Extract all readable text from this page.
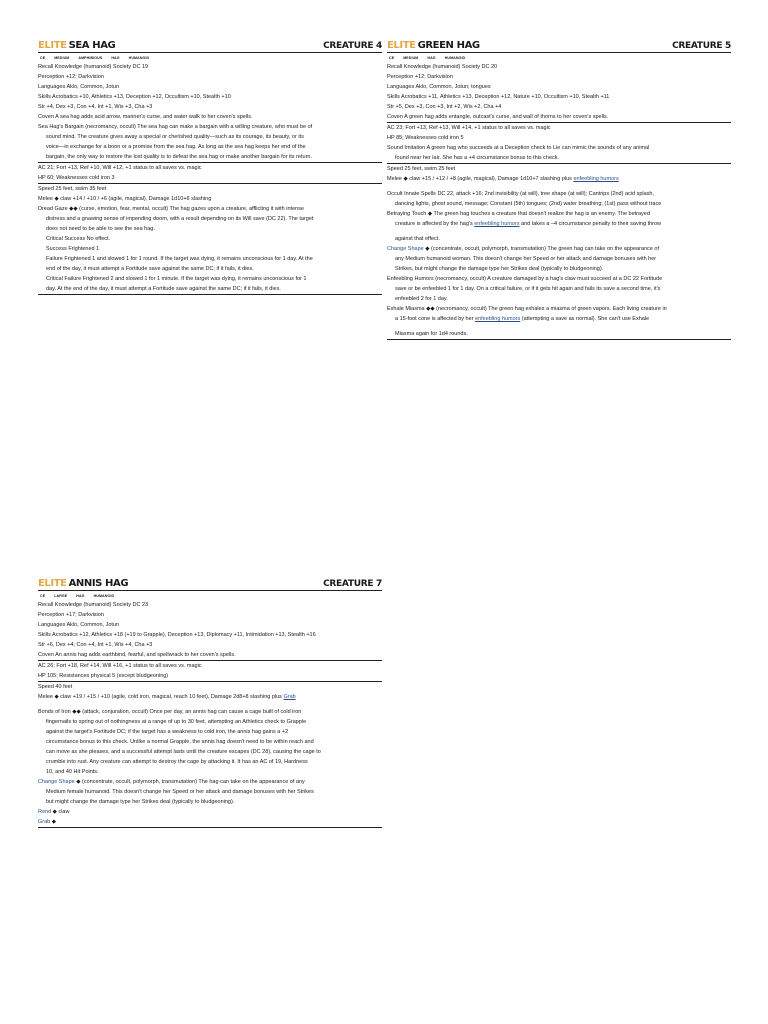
ELITE SEA HAG	CREATURE 4
CE	MEDIUM	AMPHIBIOUS	HAG	HUMANOID
Recall Knowledge (humanoid) Society DC 19
Perception +12; Darkvision
Languages Aklo, Common, Jotun
Skills Acrobatics +10, Athletics +13, Deception +12, Occultism +10, Stealth +10
Str +4, Dex +3, Con +4, Int +1, Wis +3, Cha +3
Coven A sea hag adds acid arrow, mariner's curse, and water walk to her coven's spells.
Sea Hag's Bargain (necromancy, occult) The sea hag can make a bargain with a willing creature, who must be of
sound mind. The creature gives away a special or cherished quality—such as its courage, its beauty, or its
voice—in exchange for a boon or a promise from the sea hag. As long as the sea hag keeps her end of the
bargain, the only way to restore the lost quality is to defeat the sea hag or make another bargain for its return.
AC 21; Fort +13, Ref +10, Will +12, +1 status to all saves vs. magic
HP 60; Weaknesses cold iron 3
Speed 25 feet, swim 35 feet
Melee ◆ claw +14 / +10 / +6 (agile, magical), Damage 1d10+6 slashing
Dread Gaze ◆◆ (curse, emotion, fear, mental, occult) The hag gazes upon a creature, afflicting it with intense
distress and a gnawing sense of impending doom, with a result depending on its Will save (DC 22). The target
does not need to be able to see the sea hag.
Critical Success No effect.
Success Frightened 1
Failure Frightened 1 and slowed 1 for 1 round. If the target was dying, it remains unconscious for 1 day. At the
end of the day, it must attempt a Fortitude save against the same DC; if it fails, it dies.
Critical Failure Frightened 2 and slowed 1 for 1 minute. If the target was dying, it remains unconscious for 1
day. At the end of the day, it must attempt a Fortitude save against the same DC; if it fails, it dies.
ELITE GREEN HAG	CREATURE 5
CE	MEDIUM	HAG	HUMANOID
Recall Knowledge (humanoid) Society DC 20
Perception +12; Darkvision
Languages Aklo, Common, Jotun; tongues
Skills Acrobatics +11, Athletics +13, Deception +12, Nature +10, Occultism +10, Stealth +11
Str +5, Dex +3, Con +3, Int +2, Wis +2, Cha +4
Coven A green hag adds entangle, outcast's curse, and wall of thorns to her coven's spells.
AC 23; Fort +13, Ref +13, Will +14, +1 status to all saves vs. magic
HP 85; Weaknesses cold iron 5
Sound Imitation A green hag who succeeds at a Deception check to Lie can mimic the sounds of any animal
found near her lair. She has a +4 circumstance bonus to this check.
Speed 25 feet, swim 25 feet
Melee ◆ claw +15 / +12 / +8 (agile, magical), Damage 1d10+7 slashing plus enfeebling humors
Occult Innate Spells DC 22, attack +16; 2nd invisibility (at will), tree shape (at will); Cantrips (2nd) acid splash,
dancing lights, ghost sound, message; Constant (5th) tongues; (2nd) water breathing; (1st) pass without trace
Betraying Touch ◆ The green hag touches a creature that doesn't realize the hag is an enemy. The betrayed
creature is affected by the hag's enfeebling humors and takes a –4 circumstance penalty to their saving throw
against that effect.
Change Shape ◆ (concentrate, occult, polymorph, transmutation) The green hag can take on the appearance of
any Medium humanoid woman. This doesn't change her Speed or her attack and damage bonuses with her
Strikes, but might change the damage type her Strikes deal (typically to bludgeoning).
Enfeebling Humors (necromancy, occult) A creature damaged by a hag's claw must succeed at a DC 22 Fortitude
save or be enfeebled 1 for 1 day. On a critical failure, or if it gets hit again and fails its save a second time, it's
enfeebled 2 for 1 day.
Exhale Miasma ◆◆ (necromancy, occult) The green hag exhales a miasma of green vapors. Each living creature in
a 15-foot cone is affected by her enfeebling humors (attempting a save as normal). She can't use Exhale
Miasma again for 1d4 rounds.
ELITE ANNIS HAG	CREATURE 7
CE	LARGE	HAG	HUMANOID
Recall Knowledge (humanoid) Society DC 23
Perception +17; Darkvision
Languages Aklo, Common, Jotun
Skills Acrobatics +12, Athletics +18 (+19 to Grapple), Deception +13, Diplomacy +11, Intimidation +13, Stealth +16
Str +6, Dex +4, Con +4, Int +1, Wis +4, Cha +3
Coven An annis hag adds earthbind, fearful, and spellwrack to her coven's spells.
AC 26; Fort +18, Ref +14, Will +16, +1 status to all saves vs. magic
HP 105; Resistances physical 5 (except bludgeoning)
Speed 40 feet
Melee ◆ claw +19 / +15 / +10 (agile, cold iron, magical, reach 10 feet), Damage 2d8+8 slashing plus Grab
Bonds of Iron ◆◆ (attack, conjuration, occult) Once per day, an annis hag can cause a cage built of cold iron
fingernails to spring out of nothingness at a range of up to 30 feet, attempting an Athletics check to Grapple
against the target's Fortitude DC; if the target has a weakness to cold iron, the annis hag gains a +2
circumstance bonus to this check. Unlike a normal Grapple, the annis hag doesn't need to be within reach and
can move as she pleases, and a successful attempt lasts until the creature escapes (DC 28), causing the cage to
crumble into rust. Any creature can attempt to destroy the cage by attacking it. It has an AC of 19, Hardness
10, and 40 Hit Points.
Change Shape ◆ (concentrate, occult, polymorph, transmutation) The hag can take on the appearance of any
Medium female humanoid. This doesn't change her Speed or her attack and damage bonuses with her Strikes
but might change the damage type her Strikes deal (typically to bludgeoning).
Rend ◆ claw
Grab ◆
